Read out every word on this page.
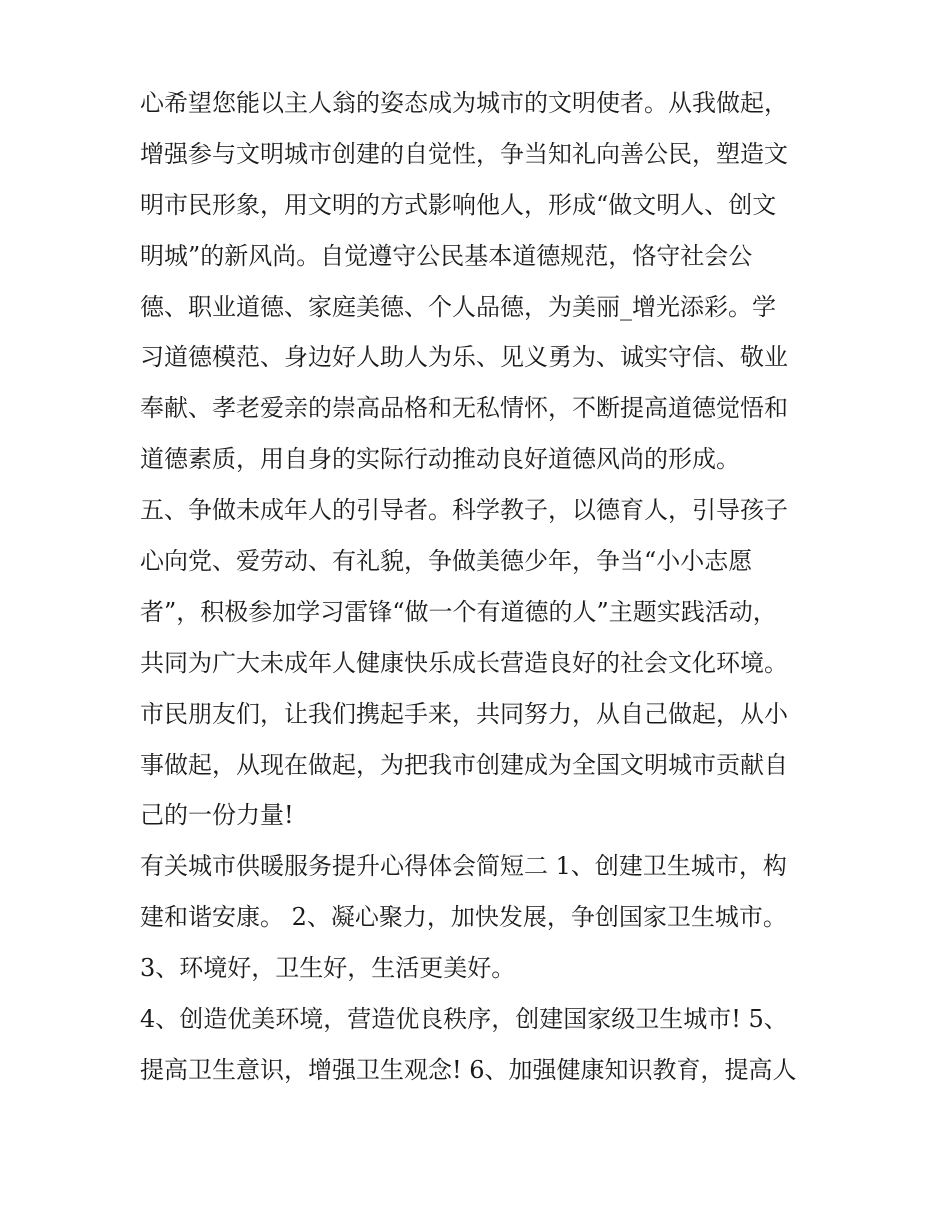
心希望您能以主人翁的姿态成为城市的文明使者。从我做起，
增强参与文明城市创建的自觉性，争当知礼向善公民，塑造文
明市民形象，用文明的方式影响他人，形成“做文明人、创文
明城”的新风尚。自觉遵守公民基本道德规范，恪守社会公
德、职业道德、家庭美德、个人品德，为美丽_增光添彩。学
习道德模范、身边好人助人为乐、见义勇为、诚实守信、敬业
奉献、孝老爱亲的崇高品格和无私情怀，不断提高道德觉悟和
道德素质，用自身的实际行动推动良好道德风尚的形成。
五、争做未成年人的引导者。科学教子，以德育人，引导孩子
心向党、爱劳动、有礼貌，争做美德少年，争当“小小志愿
者”，积极参加学习雷锋“做一个有道德的人”主题实践活动，
共同为广大未成年人健康快乐成长营造良好的社会文化环境。
市民朋友们，让我们携起手来，共同努力，从自己做起，从小
事做起，从现在做起，为把我市创建成为全国文明城市贡献自
己的一份力量!
有关城市供暖服务提升心得体会简短二 1、创建卫生城市，构
建和谐安康。 2、凝心聚力，加快发展，争创国家卫生城市。
3、环境好，卫生好，生活更美好。
4、创造优美环境，营造优良秩序，创建国家级卫生城市! 5、
提高卫生意识，增强卫生观念! 6、加强健康知识教育，提高人
